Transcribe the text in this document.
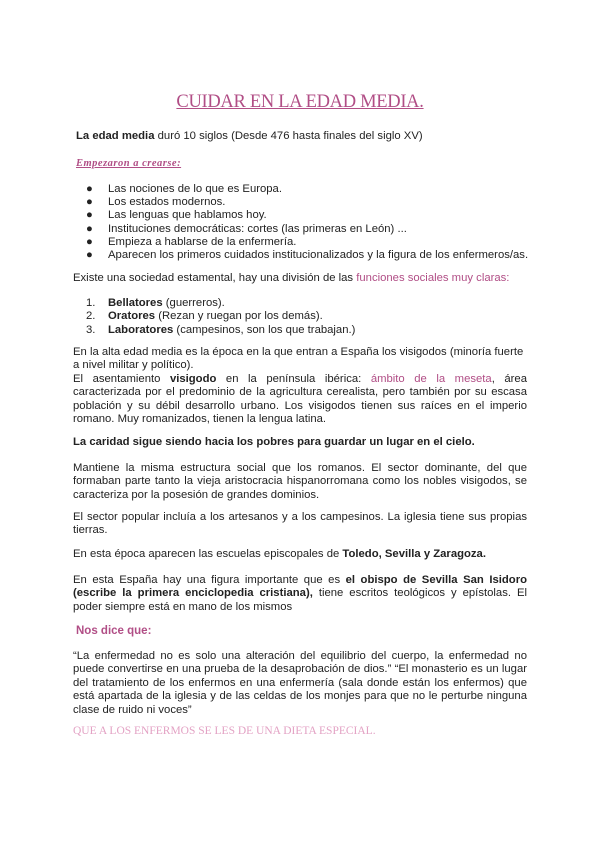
CUIDAR EN LA EDAD MEDIA.

La edad media duró 10 siglos (Desde 476 hasta finales del siglo XV)

Empezaron a crearse:

● Las nociones de lo que es Europa.
● Los estados modernos.
● Las lenguas que hablamos hoy.
● Instituciones democráticas: cortes (las primeras en León) ...
● Empieza a hablarse de la enfermería.
● Aparecen los primeros cuidados institucionalizados y la figura de los enfermeros/as.

Existe una sociedad estamental, hay una división de las funciones sociales muy claras:

1. Bellatores (guerreros).
2. Oratores (Rezan y ruegan por los demás).
3. Laboratores (campesinos, son los que trabajan.)

En la alta edad media es la época en la que entran a España los visigodos (minoría fuerte a nivel militar y político).

El asentamiento visigodo en la península ibérica: ámbito de la meseta, área caracterizada por el predominio de la agricultura cerealista, pero también por su escasa población y su débil desarrollo urbano. Los visigodos tienen sus raíces en el imperio romano. Muy romanizados, tienen la lengua latina.

La caridad sigue siendo hacia los pobres para guardar un lugar en el cielo.

Mantiene la misma estructura social que los romanos. El sector dominante, del que formaban parte tanto la vieja aristocracia hispanorromana como los nobles visigodos, se caracteriza por la posesión de grandes dominios.

El sector popular incluía a los artesanos y a los campesinos. La iglesia tiene sus propias tierras.

En esta época aparecen las escuelas episcopales de Toledo, Sevilla y Zaragoza.

En esta España hay una figura importante que es el obispo de Sevilla San Isidoro (escribe la primera enciclopedia cristiana), tiene escritos teológicos y epístolas. El poder siempre está en mano de los mismos

Nos dice que:

“La enfermedad no es solo una alteración del equilibrio del cuerpo, la enfermedad no puede convertirse en una prueba de la desaprobación de dios.” “El monasterio es un lugar del tratamiento de los enfermos en una enfermería (sala donde están los enfermos) que está apartada de la iglesia y de las celdas de los monjes para que no le perturbe ninguna clase de ruido ni voces”

QUE A LOS ENFERMOS SE LES DE UNA DIETA ESPECIAL.
